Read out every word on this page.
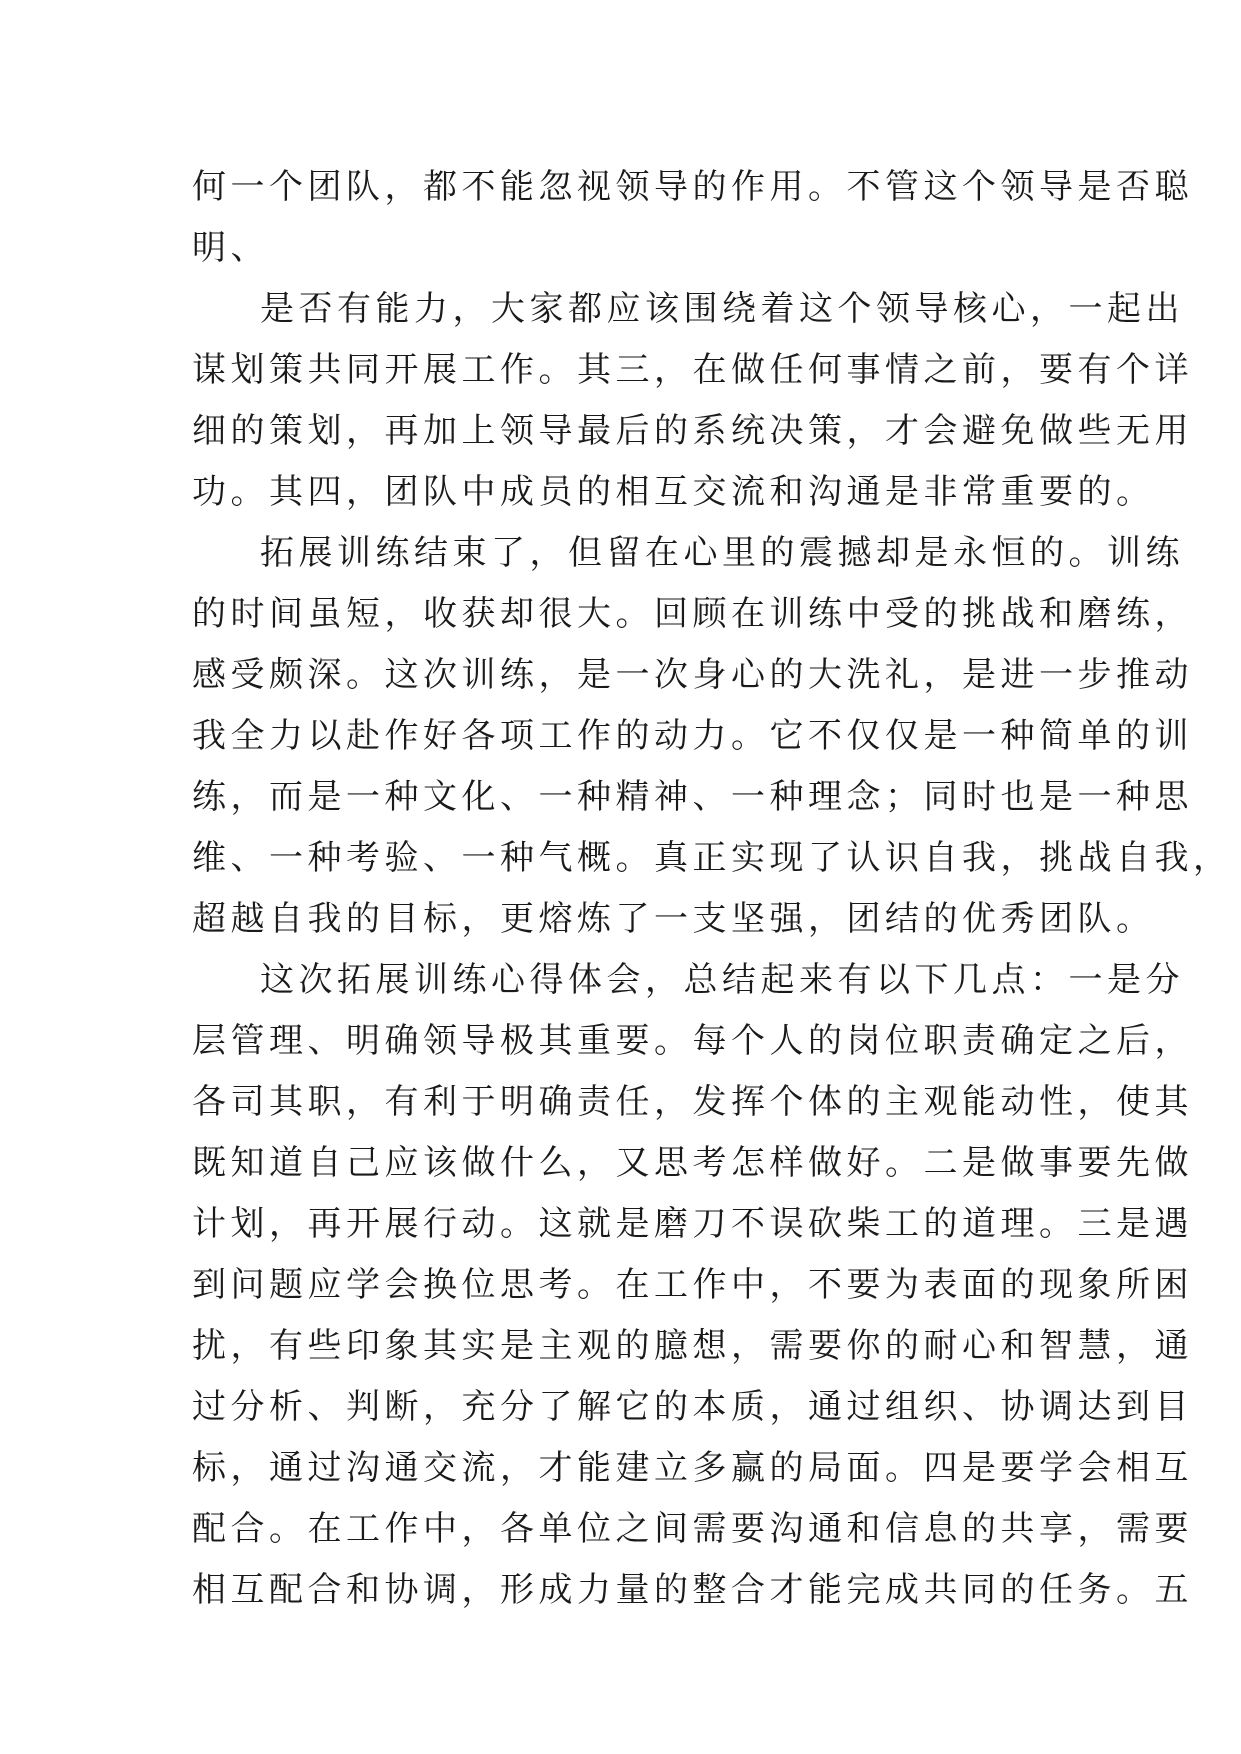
何一个团队，都不能忽视领导的作用。不管这个领导是否聪
明、
是否有能力，大家都应该围绕着这个领导核心，一起出
谋划策共同开展工作。其三，在做任何事情之前，要有个详
细的策划，再加上领导最后的系统决策，才会避免做些无用
功。其四，团队中成员的相互交流和沟通是非常重要的。
拓展训练结束了，但留在心里的震撼却是永恒的。训练
的时间虽短，收获却很大。回顾在训练中受的挑战和磨练，
感受颇深。这次训练，是一次身心的大洗礼，是进一步推动
我全力以赴作好各项工作的动力。它不仅仅是一种简单的训
练，而是一种文化、一种精神、一种理念；同时也是一种思
维、一种考验、一种气概。真正实现了认识自我，挑战自我，
超越自我的目标，更熔炼了一支坚强，团结的优秀团队。
这次拓展训练心得体会，总结起来有以下几点：一是分
层管理、明确领导极其重要。每个人的岗位职责确定之后，
各司其职，有利于明确责任，发挥个体的主观能动性，使其
既知道自己应该做什么，又思考怎样做好。二是做事要先做
计划，再开展行动。这就是磨刀不误砍柴工的道理。三是遇
到问题应学会换位思考。在工作中，不要为表面的现象所困
扰，有些印象其实是主观的臆想，需要你的耐心和智慧，通
过分析、判断，充分了解它的本质，通过组织、协调达到目
标，通过沟通交流，才能建立多赢的局面。四是要学会相互
配合。在工作中，各单位之间需要沟通和信息的共享，需要
相互配合和协调，形成力量的整合才能完成共同的任务。五
